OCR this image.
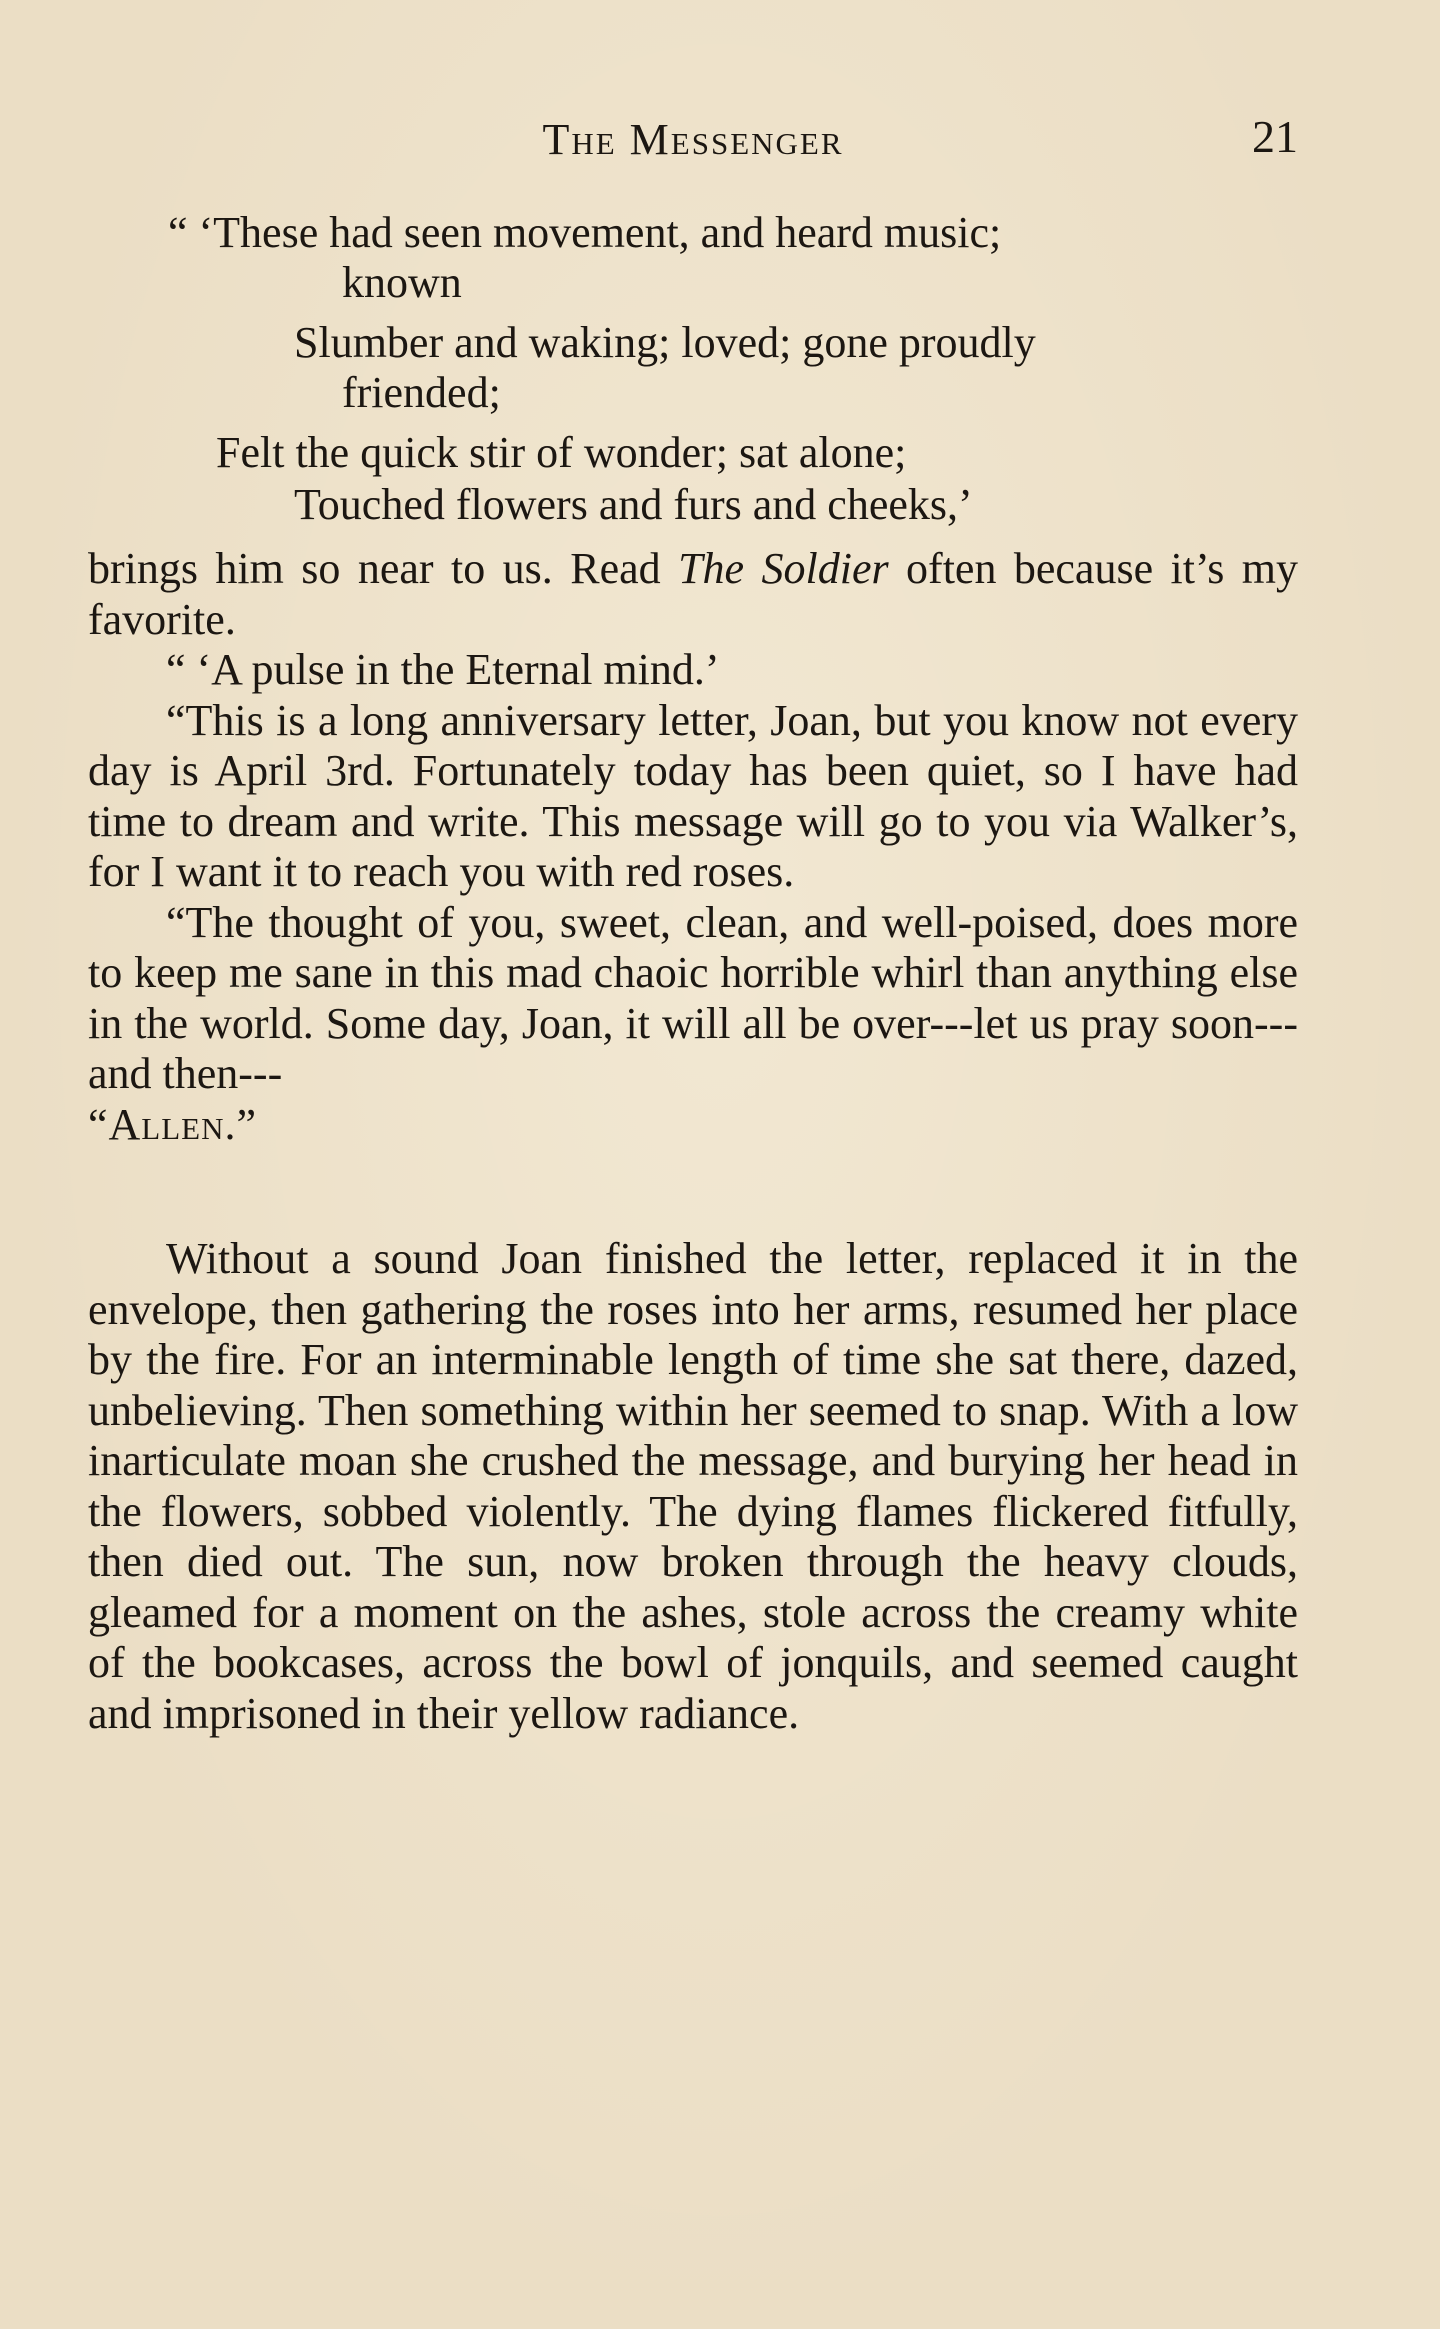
The Messenger	21
“ ‘These had seen movement, and heard music;
known
Slumber and waking; loved; gone proudly
friended;
Felt the quick stir of wonder; sat alone;
Touched flowers and furs and cheeks,’

brings him so near to us. Read The Soldier often because it’s my favorite.

“ ‘A pulse in the Eternal mind.’

“This is a long anniversary letter, Joan, but you know not every day is April 3rd. Fortunately today has been quiet, so I have had time to dream and write. This message will go to you via Walker’s, for I want it to reach you with red roses.

“The thought of you, sweet, clean, and well-poised, does more to keep me sane in this mad chaoic horrible whirl than anything else in the world. Some day, Joan, it will all be over---let us pray soon---and then---

“Allen.”

Without a sound Joan finished the letter, replaced it in the envelope, then gathering the roses into her arms, resumed her place by the fire. For an interminable length of time she sat there, dazed, unbelieving. Then something within her seemed to snap. With a low inarticulate moan she crushed the message, and burying her head in the flowers, sobbed violently. The dying flames flickered fitfully, then died out. The sun, now broken through the heavy clouds, gleamed for a moment on the ashes, stole across the creamy white of the bookcases, across the bowl of jonquils, and seemed caught and imprisoned in their yellow radiance.
